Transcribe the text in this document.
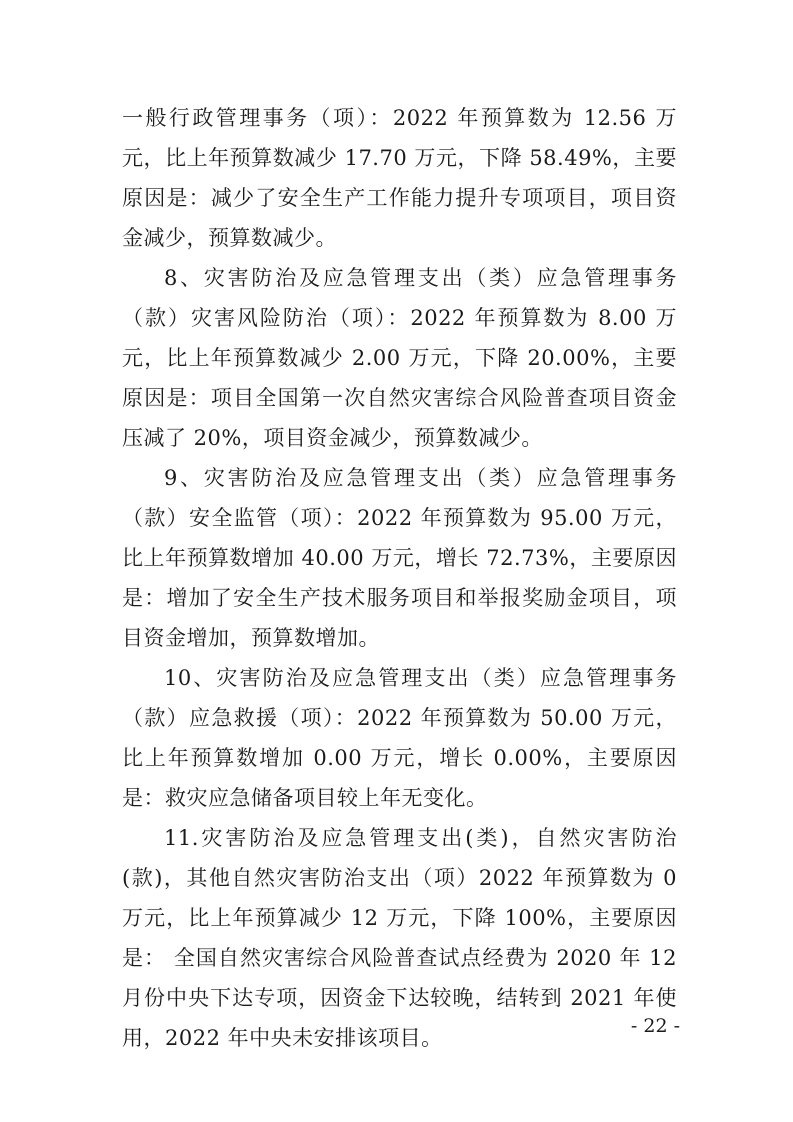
一般行政管理事务（项）：2022 年预算数为 12.56 万元，比上年预算数减少 17.70 万元，下降 58.49%，主要原因是：减少了安全生产工作能力提升专项项目，项目资金减少，预算数减少。

8、灾害防治及应急管理支出（类）应急管理事务（款）灾害风险防治（项）：2022 年预算数为 8.00 万元，比上年预算数减少 2.00 万元，下降 20.00%，主要原因是：项目全国第一次自然灾害综合风险普查项目资金压减了 20%，项目资金减少，预算数减少。

9、灾害防治及应急管理支出（类）应急管理事务（款）安全监管（项）：2022 年预算数为 95.00 万元，比上年预算数增加 40.00 万元，增长 72.73%，主要原因是：增加了安全生产技术服务项目和举报奖励金项目，项目资金增加，预算数增加。

10、灾害防治及应急管理支出（类）应急管理事务（款）应急救援（项）：2022 年预算数为 50.00 万元，比上年预算数增加 0.00 万元，增长 0.00%，主要原因是：救灾应急储备项目较上年无变化。

11.灾害防治及应急管理支出(类)，自然灾害防治(款)，其他自然灾害防治支出（项）2022 年预算数为 0 万元，比上年预算减少 12 万元，下降 100%，主要原因是： 全国自然灾害综合风险普查试点经费为 2020 年 12 月份中央下达专项，因资金下达较晚，结转到 2021 年使用，2022 年中央未安排该项目。	- 22 -
